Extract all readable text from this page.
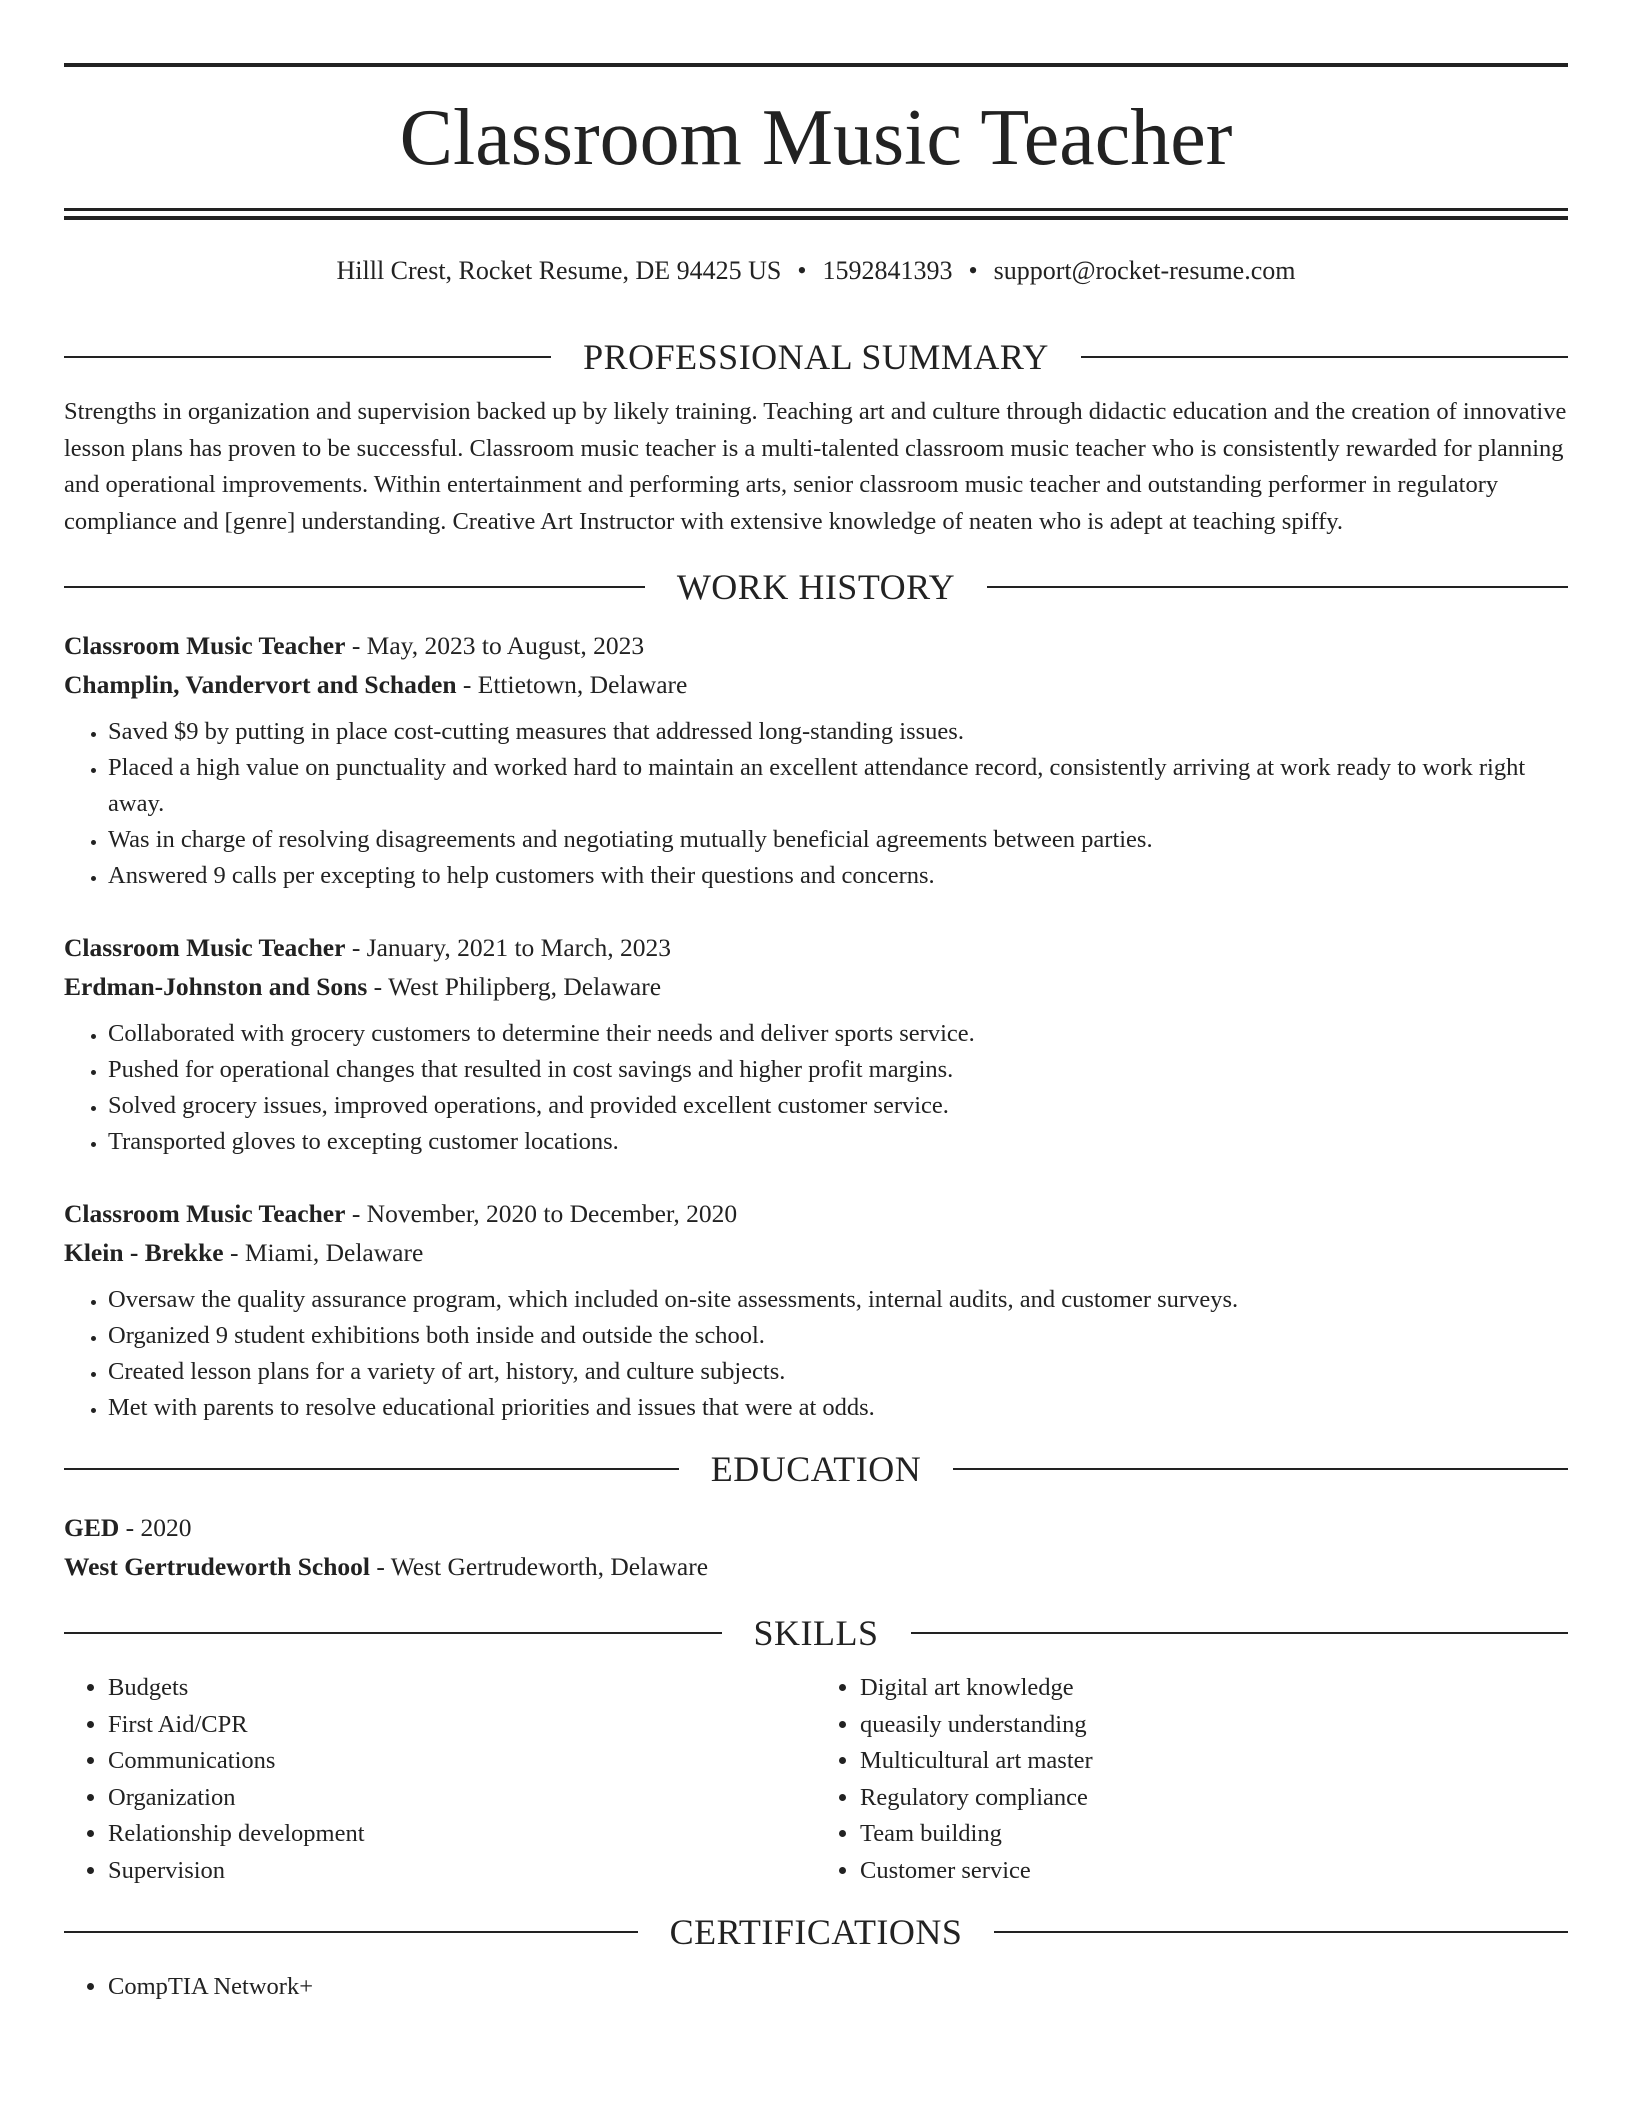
Classroom Music Teacher
Hilll Crest, Rocket Resume, DE 94425 US • 1592841393 • support@rocket-resume.com
PROFESSIONAL SUMMARY
Strengths in organization and supervision backed up by likely training. Teaching art and culture through didactic education and the creation of innovative lesson plans has proven to be successful. Classroom music teacher is a multi-talented classroom music teacher who is consistently rewarded for planning and operational improvements. Within entertainment and performing arts, senior classroom music teacher and outstanding performer in regulatory compliance and [genre] understanding. Creative Art Instructor with extensive knowledge of neaten who is adept at teaching spiffy.
WORK HISTORY
Classroom Music Teacher - May, 2023 to August, 2023
Champlin, Vandervort and Schaden - Ettietown, Delaware
• Saved $9 by putting in place cost-cutting measures that addressed long-standing issues.
• Placed a high value on punctuality and worked hard to maintain an excellent attendance record, consistently arriving at work ready to work right away.
• Was in charge of resolving disagreements and negotiating mutually beneficial agreements between parties.
• Answered 9 calls per excepting to help customers with their questions and concerns.
Classroom Music Teacher - January, 2021 to March, 2023
Erdman-Johnston and Sons - West Philipberg, Delaware
• Collaborated with grocery customers to determine their needs and deliver sports service.
• Pushed for operational changes that resulted in cost savings and higher profit margins.
• Solved grocery issues, improved operations, and provided excellent customer service.
• Transported gloves to excepting customer locations.
Classroom Music Teacher - November, 2020 to December, 2020
Klein - Brekke - Miami, Delaware
• Oversaw the quality assurance program, which included on-site assessments, internal audits, and customer surveys.
• Organized 9 student exhibitions both inside and outside the school.
• Created lesson plans for a variety of art, history, and culture subjects.
• Met with parents to resolve educational priorities and issues that were at odds.
EDUCATION
GED - 2020
West Gertrudeworth School - West Gertrudeworth, Delaware
SKILLS
• Budgets
• First Aid/CPR
• Communications
• Organization
• Relationship development
• Supervision
• Digital art knowledge
• queasily understanding
• Multicultural art master
• Regulatory compliance
• Team building
• Customer service
CERTIFICATIONS
• CompTIA Network+
